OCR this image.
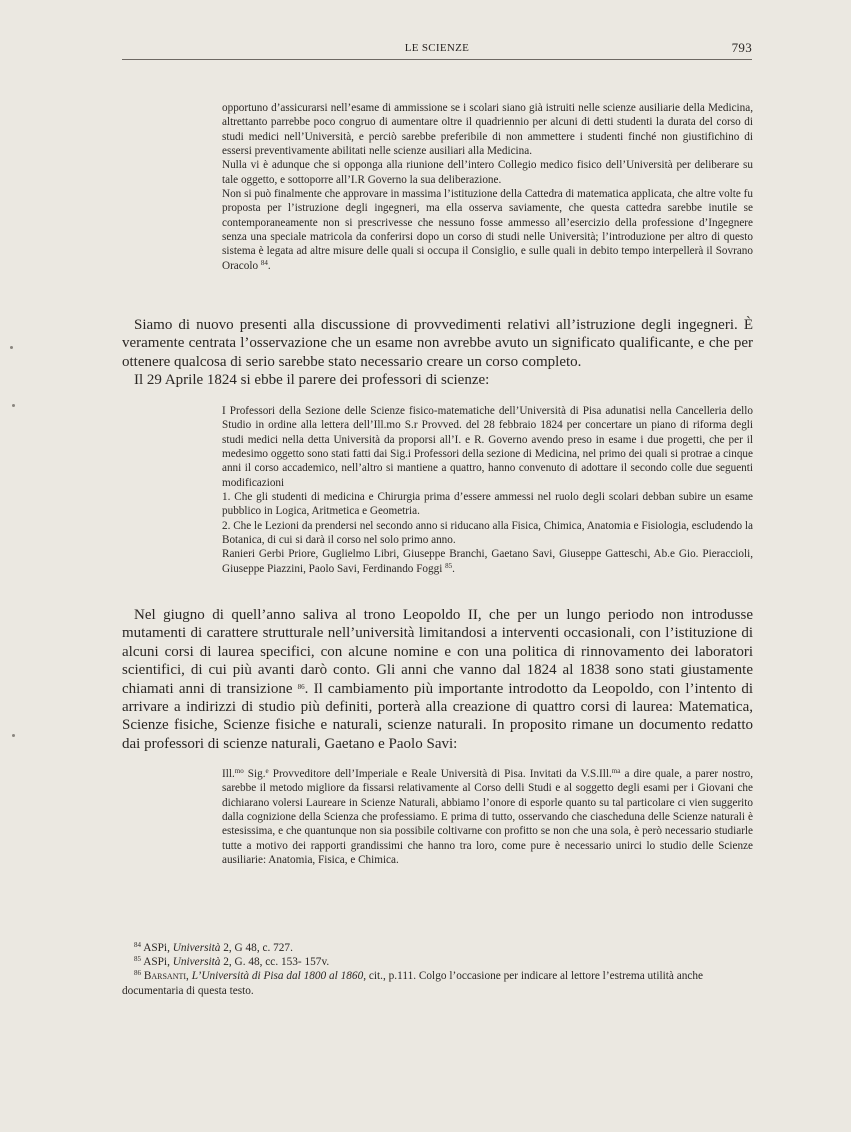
LE SCIENZE	793

opportuno d’assicurarsi nell’esame di ammissione se i scolari siano già istruiti nelle scienze ausiliarie della Medicina, altrettanto parrebbe poco congruo di aumentare oltre il quadriennio per alcuni di detti studenti la durata del corso di studi medici nell’Università, e perciò sarebbe preferibile di non ammettere i studenti finché non giustifichino di essersi preventivamente abilitati nelle scienze ausiliari alla Medicina.

Nulla vi è adunque che si opponga alla riunione dell’intero Collegio medico fisico dell’Università per deliberare su tale oggetto, e sottoporre all’I.R Governo la sua deliberazione.

Non si può finalmente che approvare in massima l’istituzione della Cattedra di matematica applicata, che altre volte fu proposta per l’istruzione degli ingegneri, ma ella osserva saviamente, che questa cattedra sarebbe inutile se contemporaneamente non si prescrivesse che nessuno fosse ammesso all’esercizio della professione d’Ingegnere senza una speciale matricola da conferirsi dopo un corso di studi nelle Università; l’introduzione per altro di questo sistema è legata ad altre misure delle quali si occupa il Consiglio, e sulle quali in debito tempo interpellerà il Sovrano Oracolo $^{84}$.

Siamo di nuovo presenti alla discussione di provvedimenti relativi all’istruzione degli ingegneri. È veramente centrata l’osservazione che un esame non avrebbe avuto un significato qualificante, e che per ottenere qualcosa di serio sarebbe stato necessario creare un corso completo.

Il 29 Aprile 1824 si ebbe il parere dei professori di scienze:

I Professori della Sezione delle Scienze fisico-matematiche dell’Università di Pisa adunatisi nella Cancelleria dello Studio in ordine alla lettera dell’Ill.mo S.r Provved. del 28 febbraio 1824 per concertare un piano di riforma degli studi medici nella detta Università da proporsi all’I. e R. Governo avendo preso in esame i due progetti, che per il medesimo oggetto sono stati fatti dai Sig.i Professori della sezione di Medicina, nel primo dei quali si protrae a cinque anni il corso accademico, nell’altro si mantiene a quattro, hanno convenuto di adottare il secondo colle due seguenti modificazioni

1. Che gli studenti di medicina e Chirurgia prima d’essere ammessi nel ruolo degli scolari debban subire un esame pubblico in Logica, Aritmetica e Geometria.

2. Che le Lezioni da prendersi nel secondo anno si riducano alla Fisica, Chimica, Anatomia e Fisiologia, escludendo la Botanica, di cui si darà il corso nel solo primo anno.

Ranieri Gerbi Priore, Guglielmo Libri, Giuseppe Branchi, Gaetano Savi, Giuseppe Gatteschi, Ab.e Gio. Pieraccioli, Giuseppe Piazzini, Paolo Savi, Ferdinando Foggi $^{85}$.

Nel giugno di quell’anno saliva al trono Leopoldo II, che per un lungo periodo non introdusse mutamenti di carattere strutturale nell’università limitandosi a interventi occasionali, con l’istituzione di alcuni corsi di laurea specifici, con alcune nomine e con una politica di rinnovamento dei laboratori scientifici, di cui più avanti darò conto. Gli anni che vanno dal 1824 al 1838 sono stati giustamente chiamati anni di transizione $^{86}$. Il cambiamento più importante introdotto da Leopoldo, con l’intento di arrivare a indirizzi di studio più definiti, porterà alla creazione di quattro corsi di laurea: Matematica, Scienze fisiche, Scienze fisiche e naturali, scienze naturali. In proposito rimane un documento redatto dai professori di scienze naturali, Gaetano e Paolo Savi:

Ill.$^{mo}$ Sig.$^e$ Provveditore dell’Imperiale e Reale Università di Pisa. Invitati da V.S.Ill.$^{ma}$ a dire quale, a parer nostro, sarebbe il metodo migliore da fissarsi relativamente al Corso delli Studi e al soggetto degli esami per i Giovani che dichiarano volersi Laureare in Scienze Naturali, abbiamo l’onore di esporle quanto su tal particolare ci vien suggerito dalla cognizione della Scienza che professiamo. E prima di tutto, osservando che ciascheduna delle Scienze naturali è estesissima, e che quantunque non sia possibile coltivarne con profitto se non che una sola, è però necessario studiarle tutte a motivo dei rapporti grandissimi che hanno tra loro, come pure è necessario unirci lo studio delle Scienze ausiliarie: Anatomia, Fisica, e Chimica.

$^{84}$ ASPi, Università 2, G 48, c. 727.

$^{85}$ ASPi, Università 2, G. 48, cc. 153- 157v.

$^{86}$ Barsanti, L’Università di Pisa dal 1800 al 1860, cit., p.111. Colgo l’occasione per indicare al lettore l’estrema utilità anche documentaria di questa testo.
